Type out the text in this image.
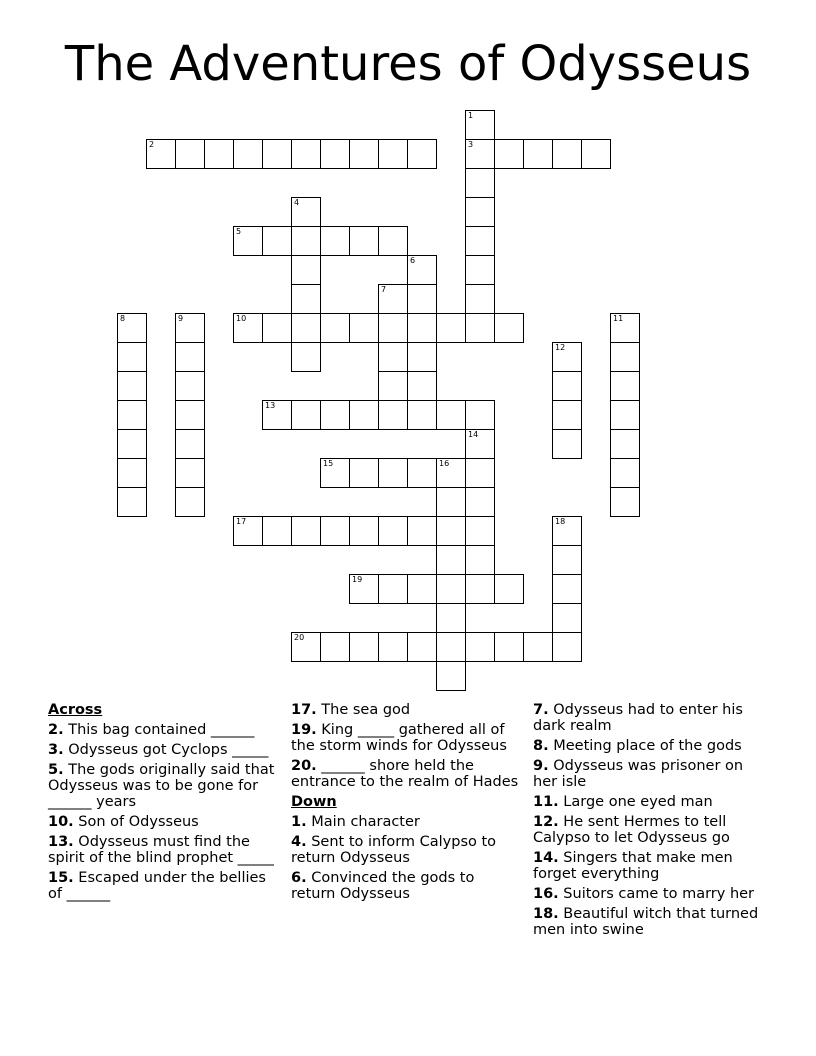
The Adventures of Odysseus
1
3
2
4
5
6
7
8	9	10	11
12
13
14
15	16
17	18
19
20
Across
2. This bag contained ______
3. Odysseus got Cyclops _____
5. The gods originally said that Odysseus was to be gone for ______ years
10. Son of Odysseus
13. Odysseus must find the spirit of the blind prophet _____
15. Escaped under the bellies of ______
17. The sea god
19. King _____ gathered all of the storm winds for Odysseus
20. ______ shore held the entrance to the realm of Hades
Down
1. Main character
4. Sent to inform Calypso to return Odysseus
6. Convinced the gods to return Odysseus
7. Odysseus had to enter his dark realm
8. Meeting place of the gods
9. Odysseus was prisoner on her isle
11. Large one eyed man
12. He sent Hermes to tell Calypso to let Odysseus go
14. Singers that make men forget everything
16. Suitors came to marry her
18. Beautiful witch that turned men into swine
